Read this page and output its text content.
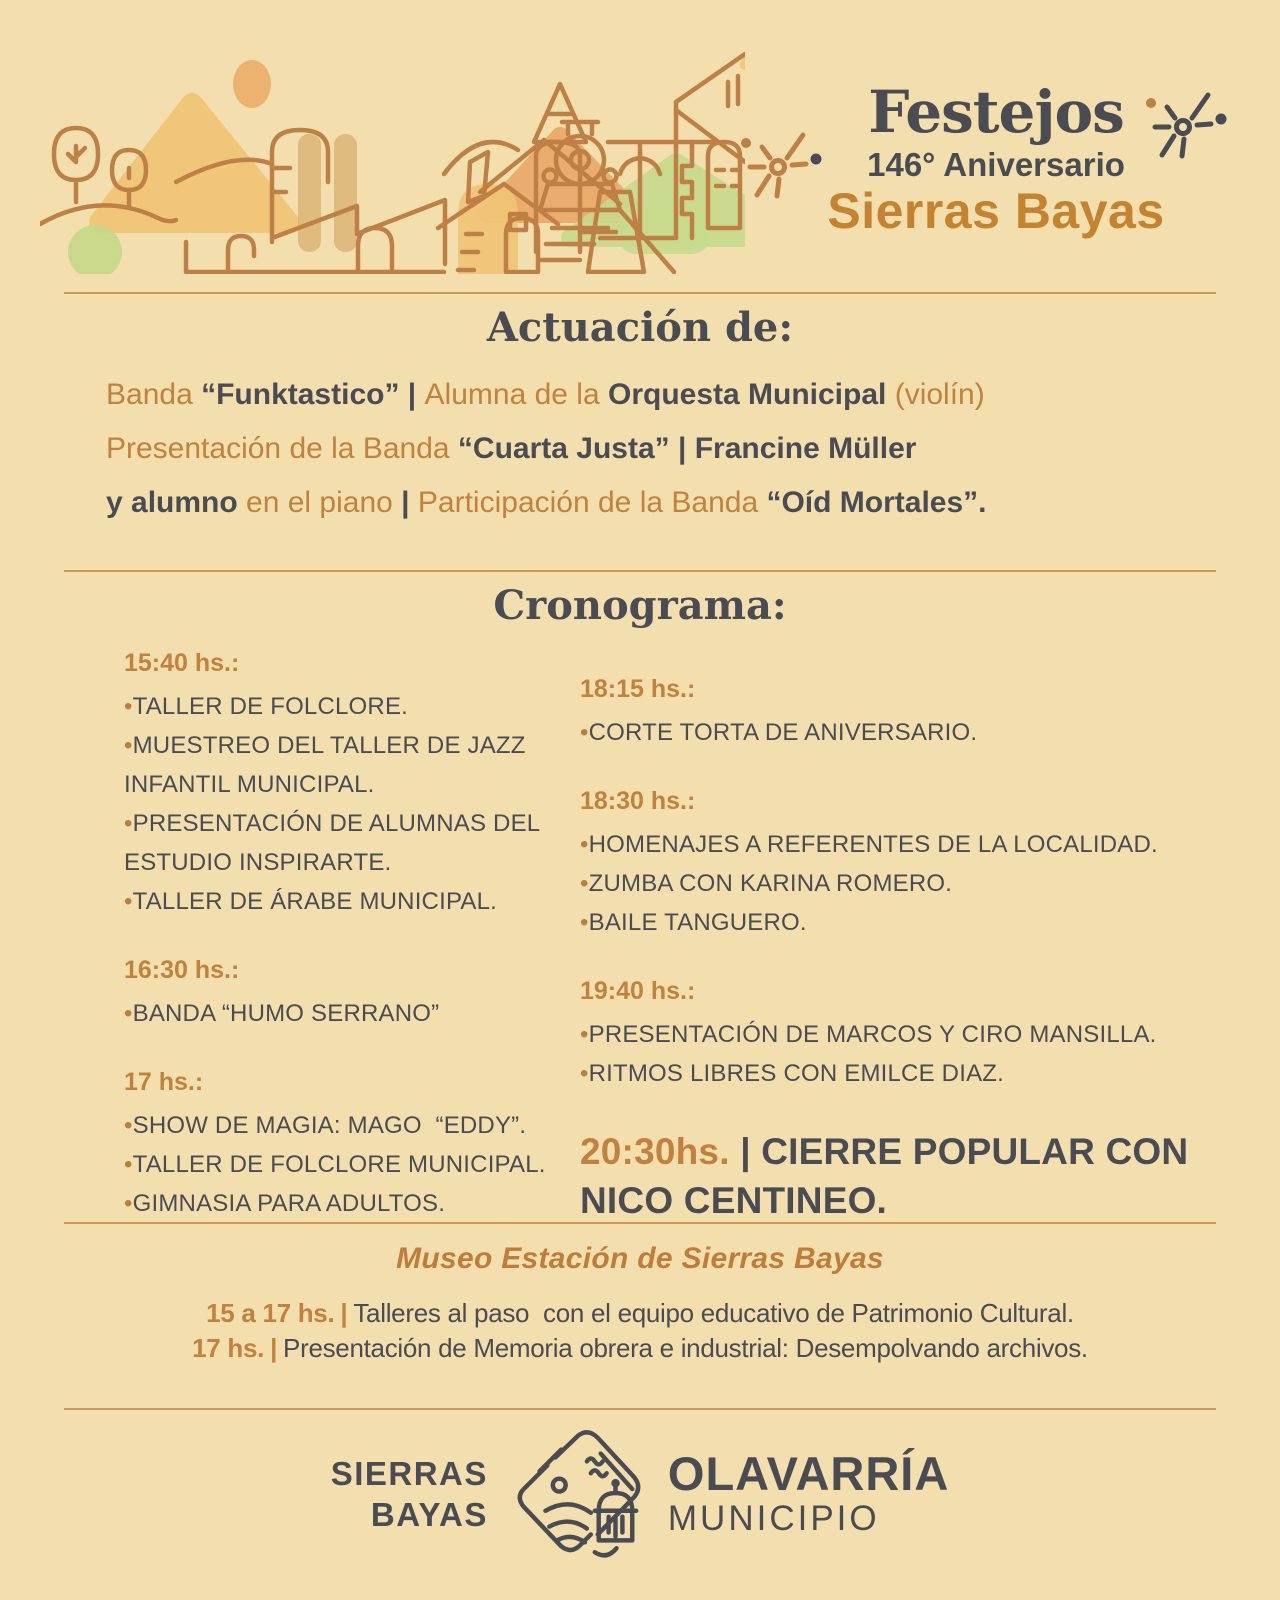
Festejos
146° Aniversario
Sierras Bayas
Actuación de:
Banda “Funktastico” | Alumna de la Orquesta Municipal (violín)
Presentación de la Banda “Cuarta Justa” | Francine Müller
y alumno en el piano | Participación de la Banda “Oíd Mortales”.
Cronograma:
15:40 hs.:
•TALLER DE FOLCLORE.
•MUESTREO DEL TALLER DE JAZZ INFANTIL MUNICIPAL.
•PRESENTACIÓN DE ALUMNAS DEL ESTUDIO INSPIRARTE.
•TALLER DE ÁRABE MUNICIPAL.
16:30 hs.:
•BANDA “HUMO SERRANO”
17 hs.:
•SHOW DE MAGIA: MAGO  “EDDY”.
•TALLER DE FOLCLORE MUNICIPAL.
•GIMNASIA PARA ADULTOS.
18:15 hs.:
•CORTE TORTA DE ANIVERSARIO.
18:30 hs.:
•HOMENAJES A REFERENTES DE LA LOCALIDAD.
•ZUMBA CON KARINA ROMERO.
•BAILE TANGUERO.
19:40 hs.:
•PRESENTACIÓN DE MARCOS Y CIRO MANSILLA.
•RITMOS LIBRES CON EMILCE DIAZ.
20:30hs. | CIERRE POPULAR CON NICO CENTINEO.
Museo Estación de Sierras Bayas
15 a 17 hs. | Talleres al paso  con el equipo educativo de Patrimonio Cultural.
17 hs. | Presentación de Memoria obrera e industrial: Desempolvando archivos.
SIERRAS
BAYAS
OLAVARRÍA
MUNICIPIO
